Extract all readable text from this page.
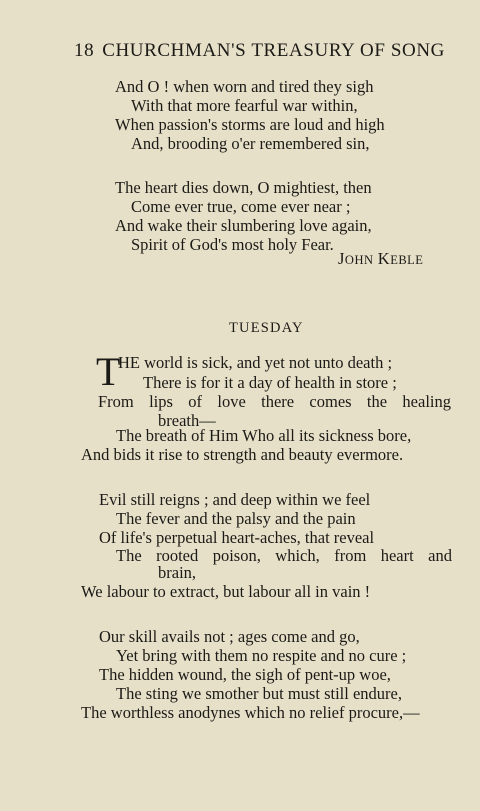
18 CHURCHMAN'S TREASURY OF SONG
And O ! when worn and tired they sigh
With that more fearful war within,
When passion's storms are loud and high
And, brooding o'er remembered sin,
The heart dies down, O mightiest, then
Come ever true, come ever near ;
And wake their slumbering love again,
Spirit of God's most holy Fear.
JOHN KEBLE
TUESDAY
T
HE world is sick, and yet not unto death ;
There is for it a day of health in store ;
From lips of love there comes the healing
breath—
The breath of Him Who all its sickness bore,
And bids it rise to strength and beauty evermore.
Evil still reigns ; and deep within we feel
The fever and the palsy and the pain
Of life's perpetual heart-aches, that reveal
The rooted poison, which, from heart and
brain,
We labour to extract, but labour all in vain !
Our skill avails not ; ages come and go,
Yet bring with them no respite and no cure ;
The hidden wound, the sigh of pent-up woe,
The sting we smother but must still endure,
The worthless anodynes which no relief procure,—
